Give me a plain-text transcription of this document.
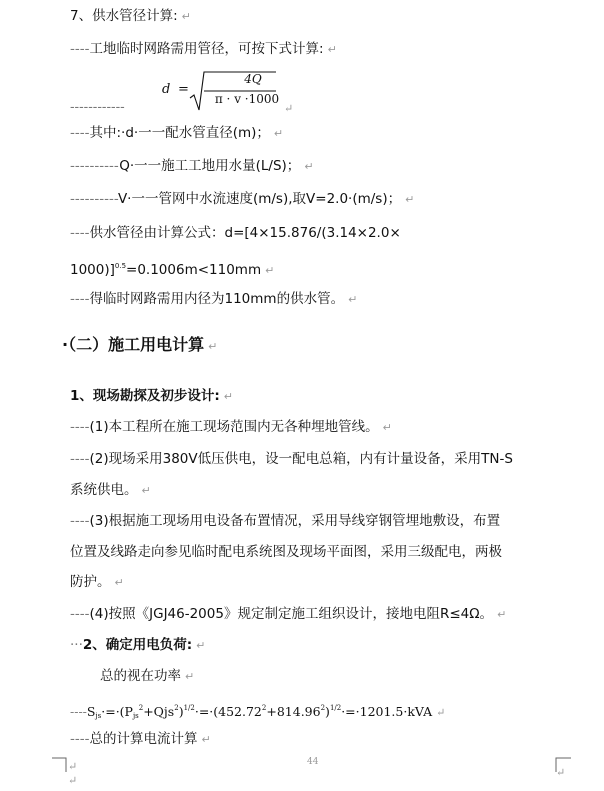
7、供水管径计算: ↵
----工地临时网路需用管径，可按下式计算: ↵
------------
d =
4Q
π · v ·1000
↵
----其中:·d·一一配水管直径(m)； ↵
----------Q·一一施工工地用水量(L/S)； ↵
----------V·一一管网中水流速度(m/s),取V=2.0·(m/s)； ↵
----供水管径由计算公式：d=[4×15.876/(3.14×2.0×
1000)]$^{0.5}$=0.1006m<110mm ↵
----得临时网路需用内径为110mm的供水管。 ↵
·（二）施工用电计算 ↵
1、现场勘探及初步设计: ↵
----(1)本工程所在施工现场范围内无各种埋地管线。 ↵
----(2)现场采用380V低压供电，设一配电总箱，内有计量设备，采用TN-S
系统供电。 ↵
----(3)根据施工现场用电设备布置情况，采用导线穿钢管埋地敷设，布置
位置及线路走向参见临时配电系统图及现场平面图，采用三级配电，两极
防护。 ↵
----(4)按照《JGJ46-2005》规定制定施工组织设计，接地电阻R≤4Ω。 ↵
···2、确定用电负荷: ↵
总的视在功率 ↵
$----S_{js}\cdot=\cdot(P_{js}^2+Qjs^2)^{1/2}\cdot=\cdot(452.72^2+814.96^2)^{1/2}\cdot=\cdot 1201.5\cdot kVA$ ↵
----总的计算电流计算 ↵
↵
↵
↵
44
